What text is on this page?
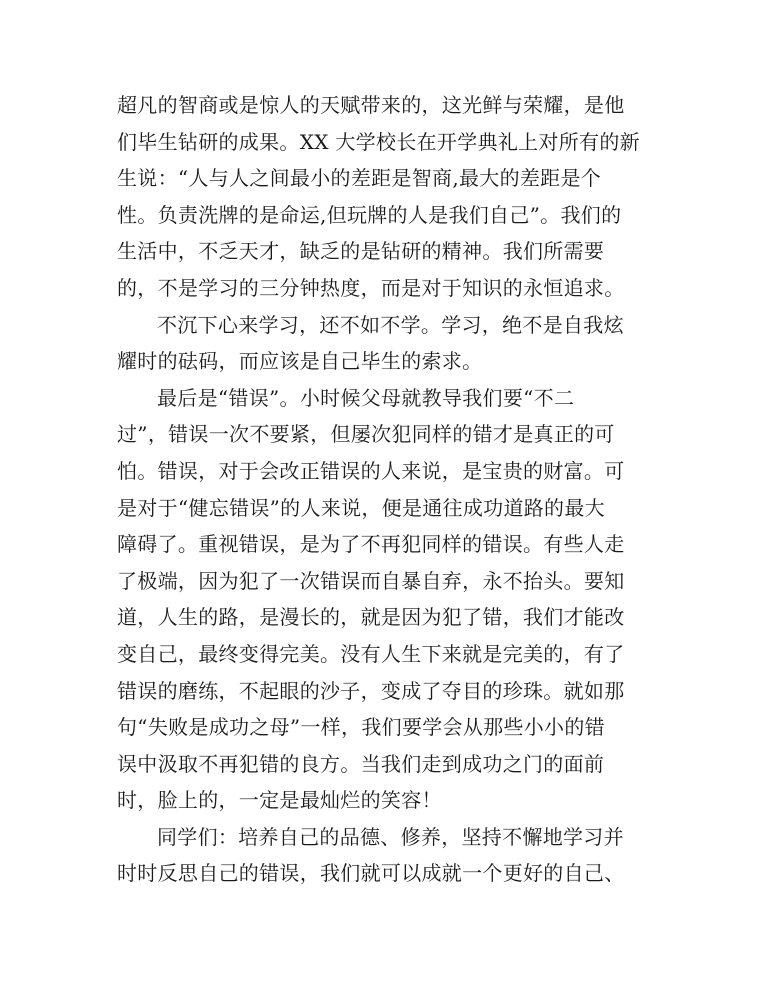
超凡的智商或是惊人的天赋带来的，这光鲜与荣耀，是他
们毕生钻研的成果。XX 大学校长在开学典礼上对所有的新
生说：“人与人之间最小的差距是智商,最大的差距是个
性。负责洗牌的是命运,但玩牌的人是我们自己”。我们的
生活中，不乏天才，缺乏的是钻研的精神。我们所需要
的，不是学习的三分钟热度，而是对于知识的永恒追求。
不沉下心来学习，还不如不学。学习，绝不是自我炫
耀时的砝码，而应该是自己毕生的索求。
最后是“错误”。小时候父母就教导我们要“不二
过”，错误一次不要紧，但屡次犯同样的错才是真正的可
怕。错误，对于会改正错误的人来说，是宝贵的财富。可
是对于“健忘错误”的人来说，便是通往成功道路的最大
障碍了。重视错误，是为了不再犯同样的错误。有些人走
了极端，因为犯了一次错误而自暴自弃，永不抬头。要知
道，人生的路，是漫长的，就是因为犯了错，我们才能改
变自己，最终变得完美。没有人生下来就是完美的，有了
错误的磨练，不起眼的沙子，变成了夺目的珍珠。就如那
句“失败是成功之母”一样，我们要学会从那些小小的错
误中汲取不再犯错的良方。当我们走到成功之门的面前
时，脸上的，一定是最灿烂的笑容！
同学们：培养自己的品德、修养，坚持不懈地学习并
时时反思自己的错误，我们就可以成就一个更好的自己、
